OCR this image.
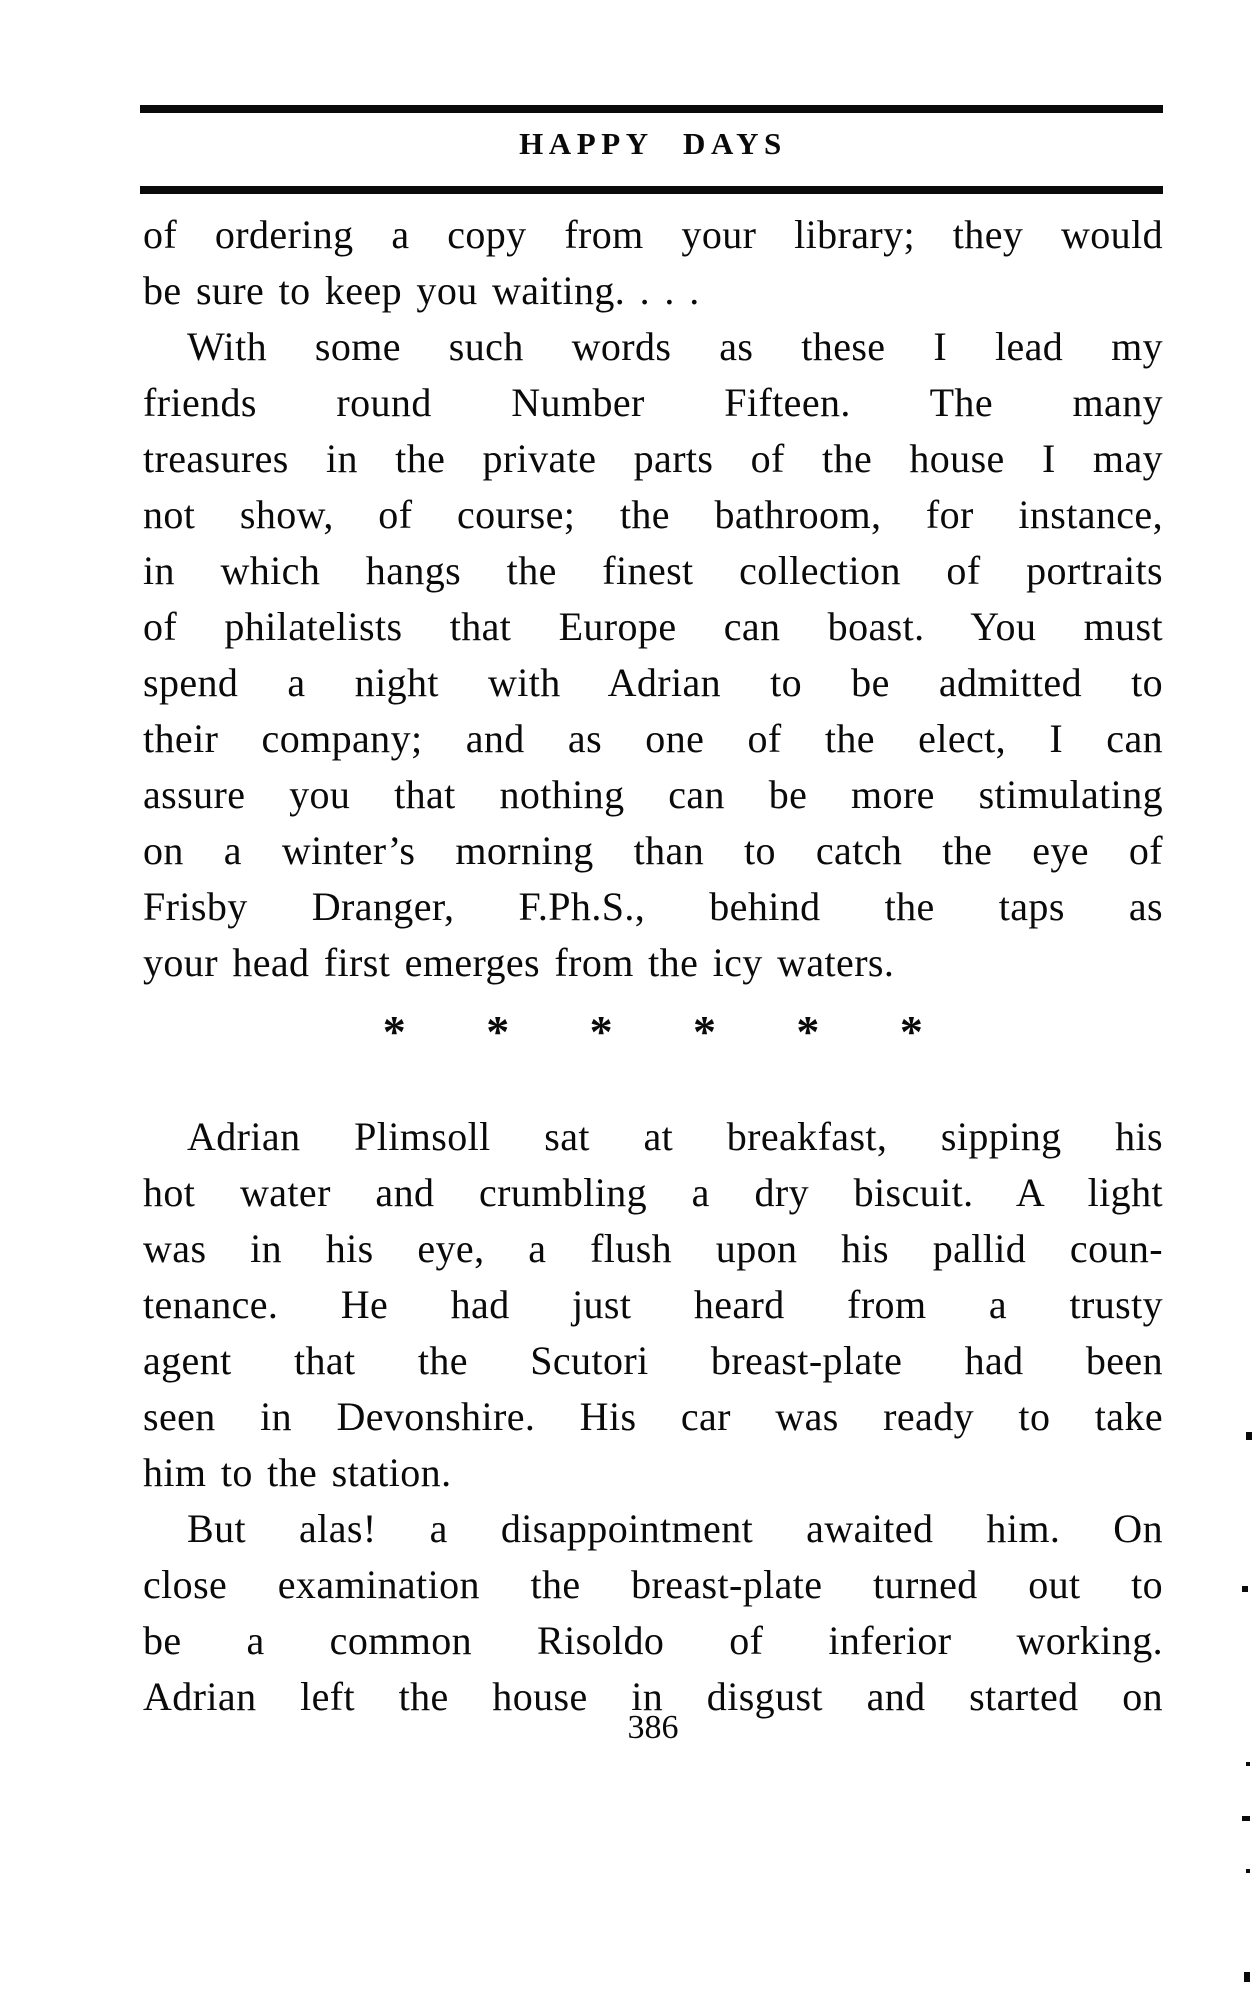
HAPPY DAYS
of ordering a copy from your library; they would
be sure to keep you waiting. . . .
With some such words as these I lead my
friends round Number Fifteen. The many
treasures in the private parts of the house I may
not show, of course; the bathroom, for instance,
in which hangs the finest collection of portraits
of philatelists that Europe can boast. You must
spend a night with Adrian to be admitted to
their company; and as one of the elect, I can
assure you that nothing can be more stimulating
on a winter’s morning than to catch the eye of
Frisby Dranger, F.Ph.S., behind the taps as
your head first emerges from the icy waters.
* * * * * *
Adrian Plimsoll sat at breakfast, sipping his
hot water and crumbling a dry biscuit. A light
was in his eye, a flush upon his pallid coun-
tenance. He had just heard from a trusty
agent that the Scutori breast-plate had been
seen in Devonshire. His car was ready to take
him to the station.
But alas! a disappointment awaited him. On
close examination the breast-plate turned out to
be a common Risoldo of inferior working.
Adrian left the house in disgust and started on
386
